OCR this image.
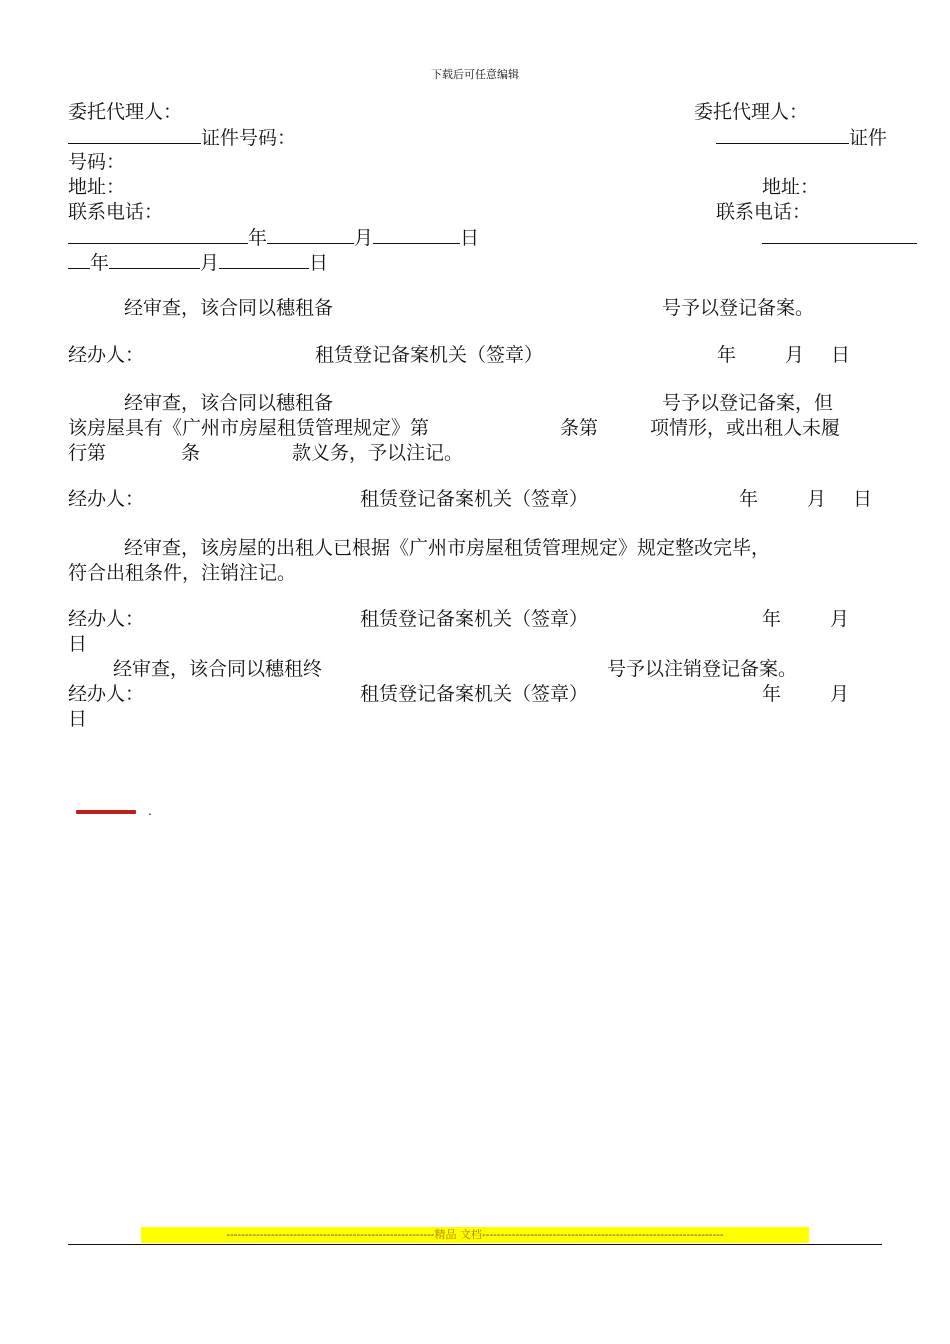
下载后可任意编辑
委托代理人：	委托代理人：
证件号码：	证件
号码：
地址：	地址：
联系电话：	联系电话：
年	月	日
年	月	日
经审查，该合同以穗租备	号予以登记备案。
经办人：	租赁登记备案机关（签章）	年	月 日
经审查，该合同以穗租备	号予以登记备案，但
该房屋具有《广州市房屋租赁管理规定》第	条第	项情形，或出租人未履
行第	条	款义务，予以注记。
经办人：	租赁登记备案机关（签章）	年	月 日
经审查，该房屋的出租人已根据《广州市房屋租赁管理规定》规定整改完毕，
符合出租条件，注销注记。
经办人：	租赁登记备案机关（签章）	年	月
日
经审查，该合同以穗租终	号予以注销登记备案。
经办人：	租赁登记备案机关（签章）	年	月
日
.
--------------------------------------------------------精品 文档-----------------------------------------------------------------
